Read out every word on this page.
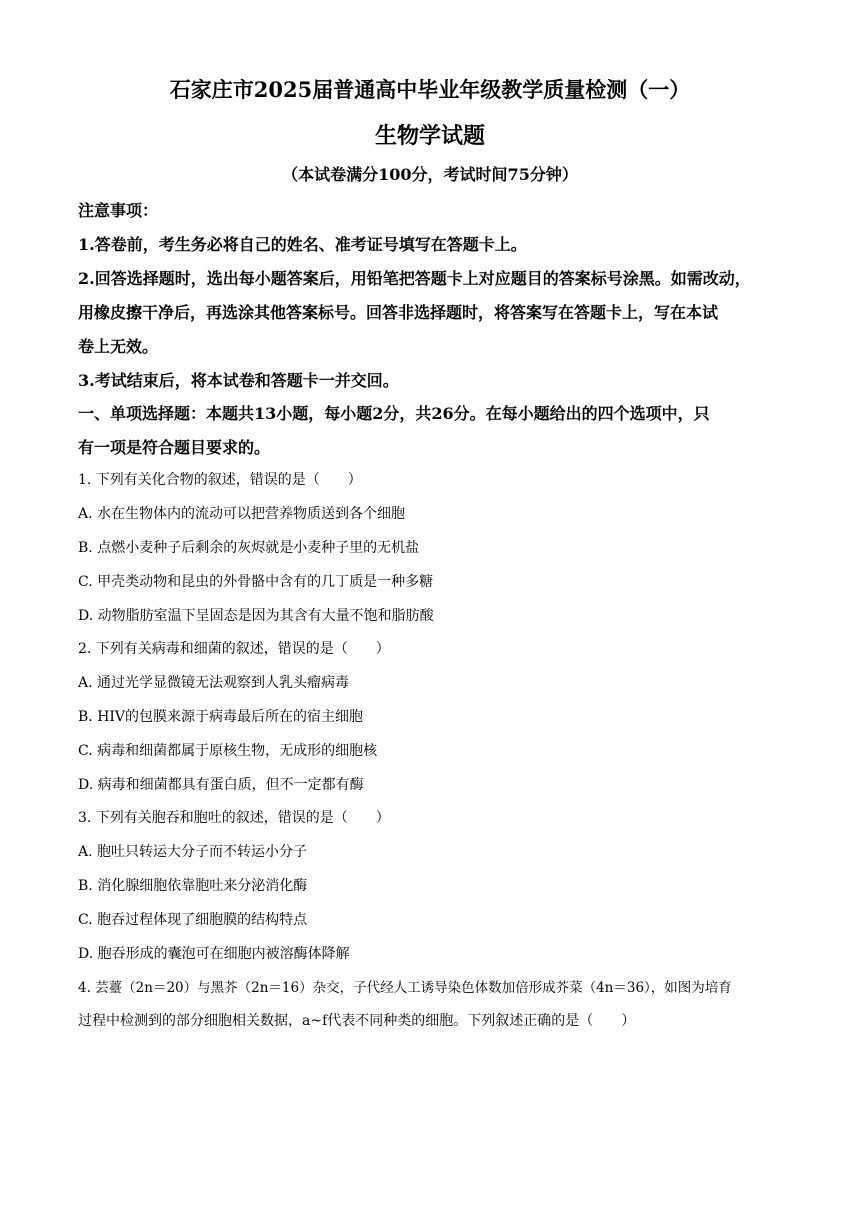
石家庄市2025届普通高中毕业年级教学质量检测（一）
生物学试题
（本试卷满分100分，考试时间75分钟）
注意事项：
1.答卷前，考生务必将自己的姓名、准考证号填写在答题卡上。
2.回答选择题时，选出每小题答案后，用铅笔把答题卡上对应题目的答案标号涂黑。如需改动，
用橡皮擦干净后，再选涂其他答案标号。回答非选择题时，将答案写在答题卡上，写在本试
卷上无效。
3.考试结束后，将本试卷和答题卡一并交回。
一、单项选择题：本题共13小题，每小题2分，共26分。在每小题给出的四个选项中，只
有一项是符合题目要求的。
1. 下列有关化合物的叙述，错误的是（　　）
A. 水在生物体内的流动可以把营养物质送到各个细胞
B. 点燃小麦种子后剩余的灰烬就是小麦种子里的无机盐
C. 甲壳类动物和昆虫的外骨骼中含有的几丁质是一种多糖
D. 动物脂肪室温下呈固态是因为其含有大量不饱和脂肪酸
2. 下列有关病毒和细菌的叙述，错误的是（　　）
A. 通过光学显微镜无法观察到人乳头瘤病毒
B. HIV的包膜来源于病毒最后所在的宿主细胞
C. 病毒和细菌都属于原核生物，无成形的细胞核
D. 病毒和细菌都具有蛋白质，但不一定都有酶
3. 下列有关胞吞和胞吐的叙述，错误的是（　　）
A. 胞吐只转运大分子而不转运小分子
B. 消化腺细胞依靠胞吐来分泌消化酶
C. 胞吞过程体现了细胞膜的结构特点
D. 胞吞形成的囊泡可在细胞内被溶酶体降解
4. 芸薹（2n＝20）与黑芥（2n＝16）杂交，子代经人工诱导染色体数加倍形成芥菜（4n＝36），如图为培育
过程中检测到的部分细胞相关数据，a~f代表不同种类的细胞。下列叙述正确的是（　　）
